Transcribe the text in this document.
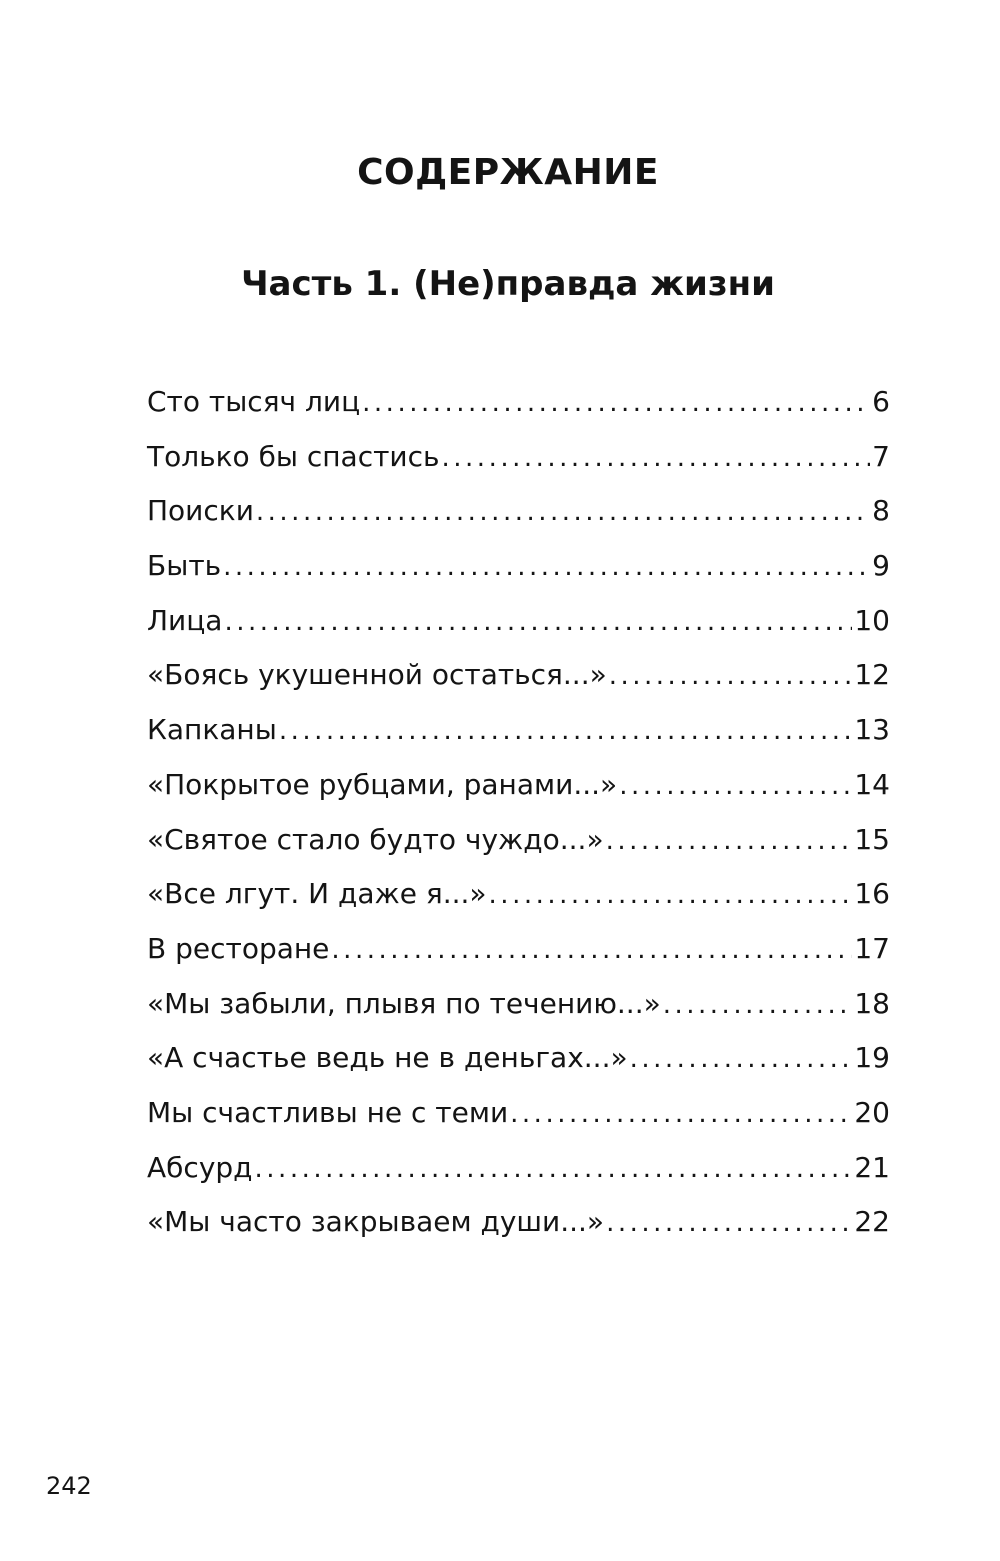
СОДЕРЖАНИЕ
Часть 1. (Не)правда жизни
Сто тысяч лиц .....	6
Только бы спастись .....	7
Поиски .....	8
Быть .....	9
Лица .....	10
«Боясь укушенной остаться...» .....	12
Капканы .....	13
«Покрытое рубцами, ранами...» .....	14
«Святое стало будто чуждо...» .....	15
«Все лгут. И даже я...» .....	16
В ресторане .....	17
«Мы забыли, плывя по течению...» .....	18
«А счастье ведь не в деньгах...» .....	19
Мы счастливы не с теми .....	20
Абсурд .....	21
«Мы часто закрываем души...» .....	22

242
